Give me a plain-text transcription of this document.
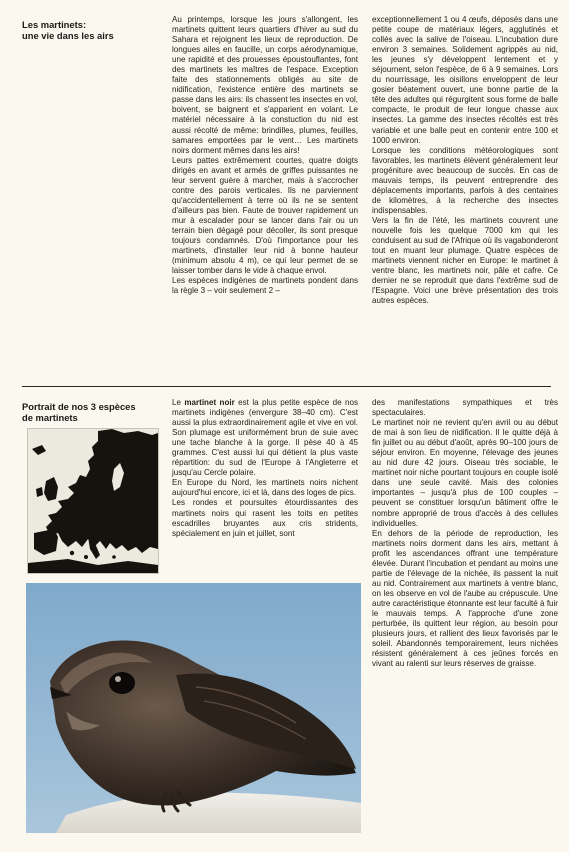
Les martinets:
une vie dans les airs

Au printemps, lorsque les jours s'allongent, les martinets quittent leurs quartiers d'hiver au sud du Sahara et rejoignent les lieux de reproduction. De longues ailes en faucille, un corps aérodynamique, une rapidité et des prouesses époustouflantes, font des martinets les maîtres de l'espace. Exception faite des stationnements obligés au site de nidification, l'existence entière des martinets se passe dans les airs: ils chassent les insectes en vol, boivent, se baignent et s'apparient en volant. Le matériel nécessaire à la constuction du nid est aussi récolté de même: brindilles, plumes, feuilles, samares emportées par le vent… Les martinets noirs dorment mêmes dans les airs!

Leurs pattes extrêmement courtes, quatre doigts dirigés en avant et armés de griffes puissantes ne leur servent guère à marcher, mais à s'accrocher contre des parois verticales. Ils ne parviennent qu'accidentellement à terre où ils ne se sentent d'ailleurs pas bien. Faute de trouver rapidement un mur à escalader pour se lancer dans l'air ou un terrain bien dégagé pour décoller, ils sont presque toujours condamnés. D'où l'importance pour les martinets, d'installer leur nid à bonne hauteur (minimum absolu 4 m), ce qui leur permet de se laisser tomber dans le vide à chaque envol.

Les espèces indigènes de martinets pondent dans la règle 3 – voir seulement 2 –

exceptionnellement 1 ou 4 œufs, déposés dans une petite coupe de matériaux légers, agglutinés et collés avec la salive de l'oiseau. L'incubation dure environ 3 semaines. Solidement agrippés au nid, les jeunes s'y développent lentement et y séjournent, selon l'espèce, de 6 à 9 semaines. Lors du nourrissage, les oisillons enveloppent de leur gosier béatement ouvert, une bonne partie de la tête des adultes qui régurgitent sous forme de balle compacte, le produit de leur longue chasse aux insectes. La gamme des insectes récoltés est très variable et une balle peut en contenir entre 100 et 1000 environ.

Lorsque les conditions météorologiques sont favorables, les martinets élèvent généralement leur progéniture avec beaucoup de succès. En cas de mauvais temps, ils peuvent entreprendre des déplacements importants, parfois à des centaines de kilomètres, à la recherche des insectes indispensables.

Vers la fin de l'été, les martinets couvrent une nouvelle fois les quelque 7000 km qui les conduisent au sud de l'Afrique où ils vagabonderont tout en muant leur plumage. Quatre espèces de martinets viennent nicher en Europe: le martinet à ventre blanc, les martinets noir, pâle et cafre. Ce dernier ne se reproduit que dans l'extrême sud de l'Espagne. Voici une brève présentation des trois autres espèces.

Portrait de nos 3 espèces
de martinets

Le martinet noir est la plus petite espèce de nos martinets indigènes (envergure 38–40 cm). C'est aussi la plus extraordinairement agile et vive en vol. Son plumage est uniformément brun de suie avec une tache blanche à la gorge. Il pèse 40 à 45 grammes. C'est aussi lui qui détient la plus vaste répartition: du sud de l'Europe à l'Angleterre et jusqu'au Cercle polaire.

En Europe du Nord, les martinets noirs nichent aujourd'hui encore, ici et là, dans des loges de pics.

Les rondes et poursuites étourdissantes des martinets noirs qui rasent les toits en petites escadrilles bruyantes aux cris stridents, spécialement en juin et juillet, sont

des manifestations sympathiques et très spectaculaires.

Le martinet noir ne revient qu'en avril ou au début de mai à son lieu de nidification. Il le quitte déjà à fin juillet ou au début d'août, après 90–100 jours de séjour environ. En moyenne, l'élevage des jeunes au nid dure 42 jours. Oiseau très sociable, le martinet noir niche pourtant toujours en couple isolé dans une seule cavité. Mais des colonies importantes – jusqu'à plus de 100 couples – peuvent se constituer lorsqu'un bâtiment offre le nombre approprié de trous d'accès à des cellules individuelles.

En dehors de la période de reproduction, les martinets noirs dorment dans les airs, mettant à profit les ascendances offrant une température élevée. Durant l'incubation et pendant au moins une partie de l'élevage de la nichée, ils passent la nuit au nid. Contrairement aux martinets à ventre blanc, on les observe en vol de l'aube au crépuscule. Une autre caractéristique étonnante est leur faculté à fuir le mauvais temps. A l'approche d'une zone perturbée, ils quittent leur région, au besoin pour plusieurs jours, et rallient des lieux favorisés par le soleil. Abandonnés temporairement, leurs nichées résistent généralement à ces jeûnes forcés en vivant au ralenti sur leurs réserves de graisse.
